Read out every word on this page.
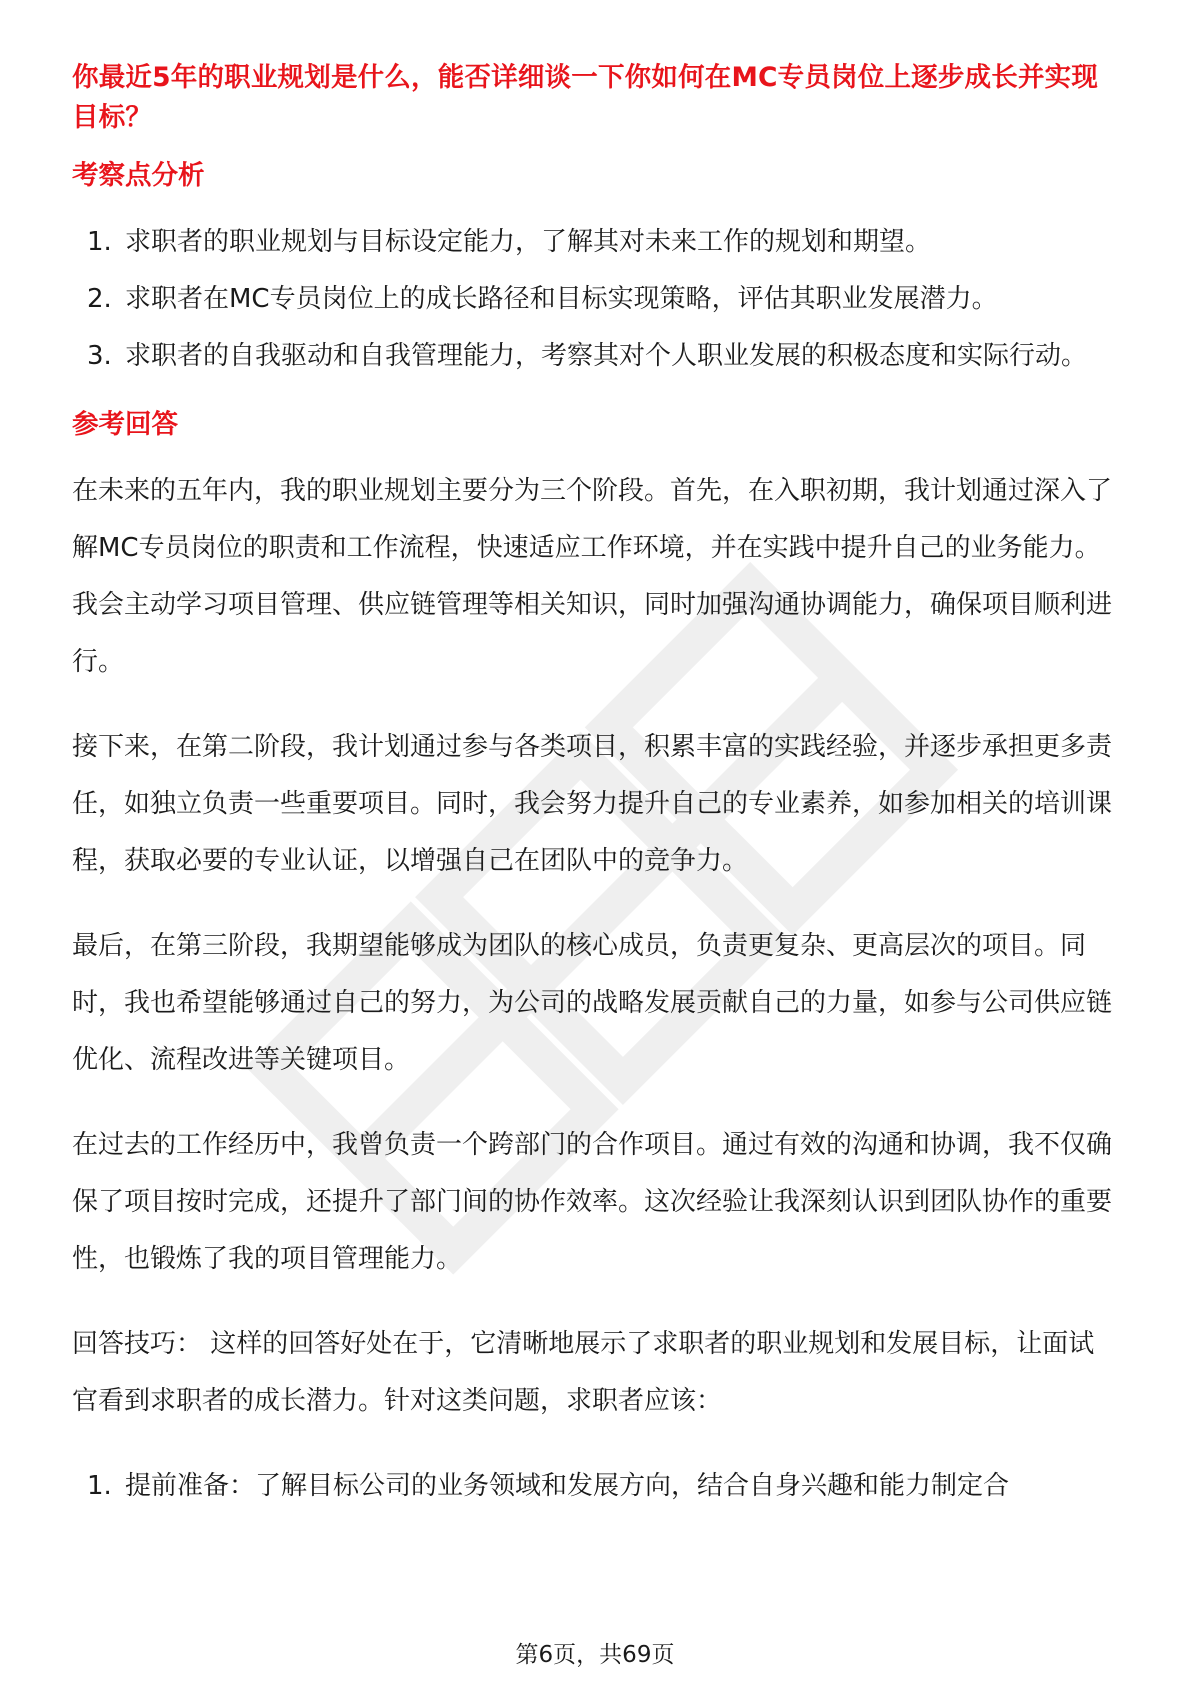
你最近5年的职业规划是什么，能否详细谈一下你如何在MC专员岗位上逐步成长并实现目标？
考察点分析
1. 求职者的职业规划与目标设定能力，了解其对未来工作的规划和期望。
2. 求职者在MC专员岗位上的成长路径和目标实现策略，评估其职业发展潜力。
3. 求职者的自我驱动和自我管理能力，考察其对个人职业发展的积极态度和实际行动。
参考回答

在未来的五年内，我的职业规划主要分为三个阶段。首先，在入职初期，我计划通过深入了解MC专员岗位的职责和工作流程，快速适应工作环境，并在实践中提升自己的业务能力。我会主动学习项目管理、供应链管理等相关知识，同时加强沟通协调能力，确保项目顺利进行。

接下来，在第二阶段，我计划通过参与各类项目，积累丰富的实践经验，并逐步承担更多责任，如独立负责一些重要项目。同时，我会努力提升自己的专业素养，如参加相关的培训课程，获取必要的专业认证，以增强自己在团队中的竞争力。

最后，在第三阶段，我期望能够成为团队的核心成员，负责更复杂、更高层次的项目。同时，我也希望能够通过自己的努力，为公司的战略发展贡献自己的力量，如参与公司供应链优化、流程改进等关键项目。

在过去的工作经历中，我曾负责一个跨部门的合作项目。通过有效的沟通和协调，我不仅确保了项目按时完成，还提升了部门间的协作效率。这次经验让我深刻认识到团队协作的重要性，也锻炼了我的项目管理能力。

回答技巧： 这样的回答好处在于，它清晰地展示了求职者的职业规划和发展目标，让面试官看到求职者的成长潜力。针对这类问题，求职者应该：

1. 提前准备：了解目标公司的业务领域和发展方向，结合自身兴趣和能力制定合
第6页，共69页
